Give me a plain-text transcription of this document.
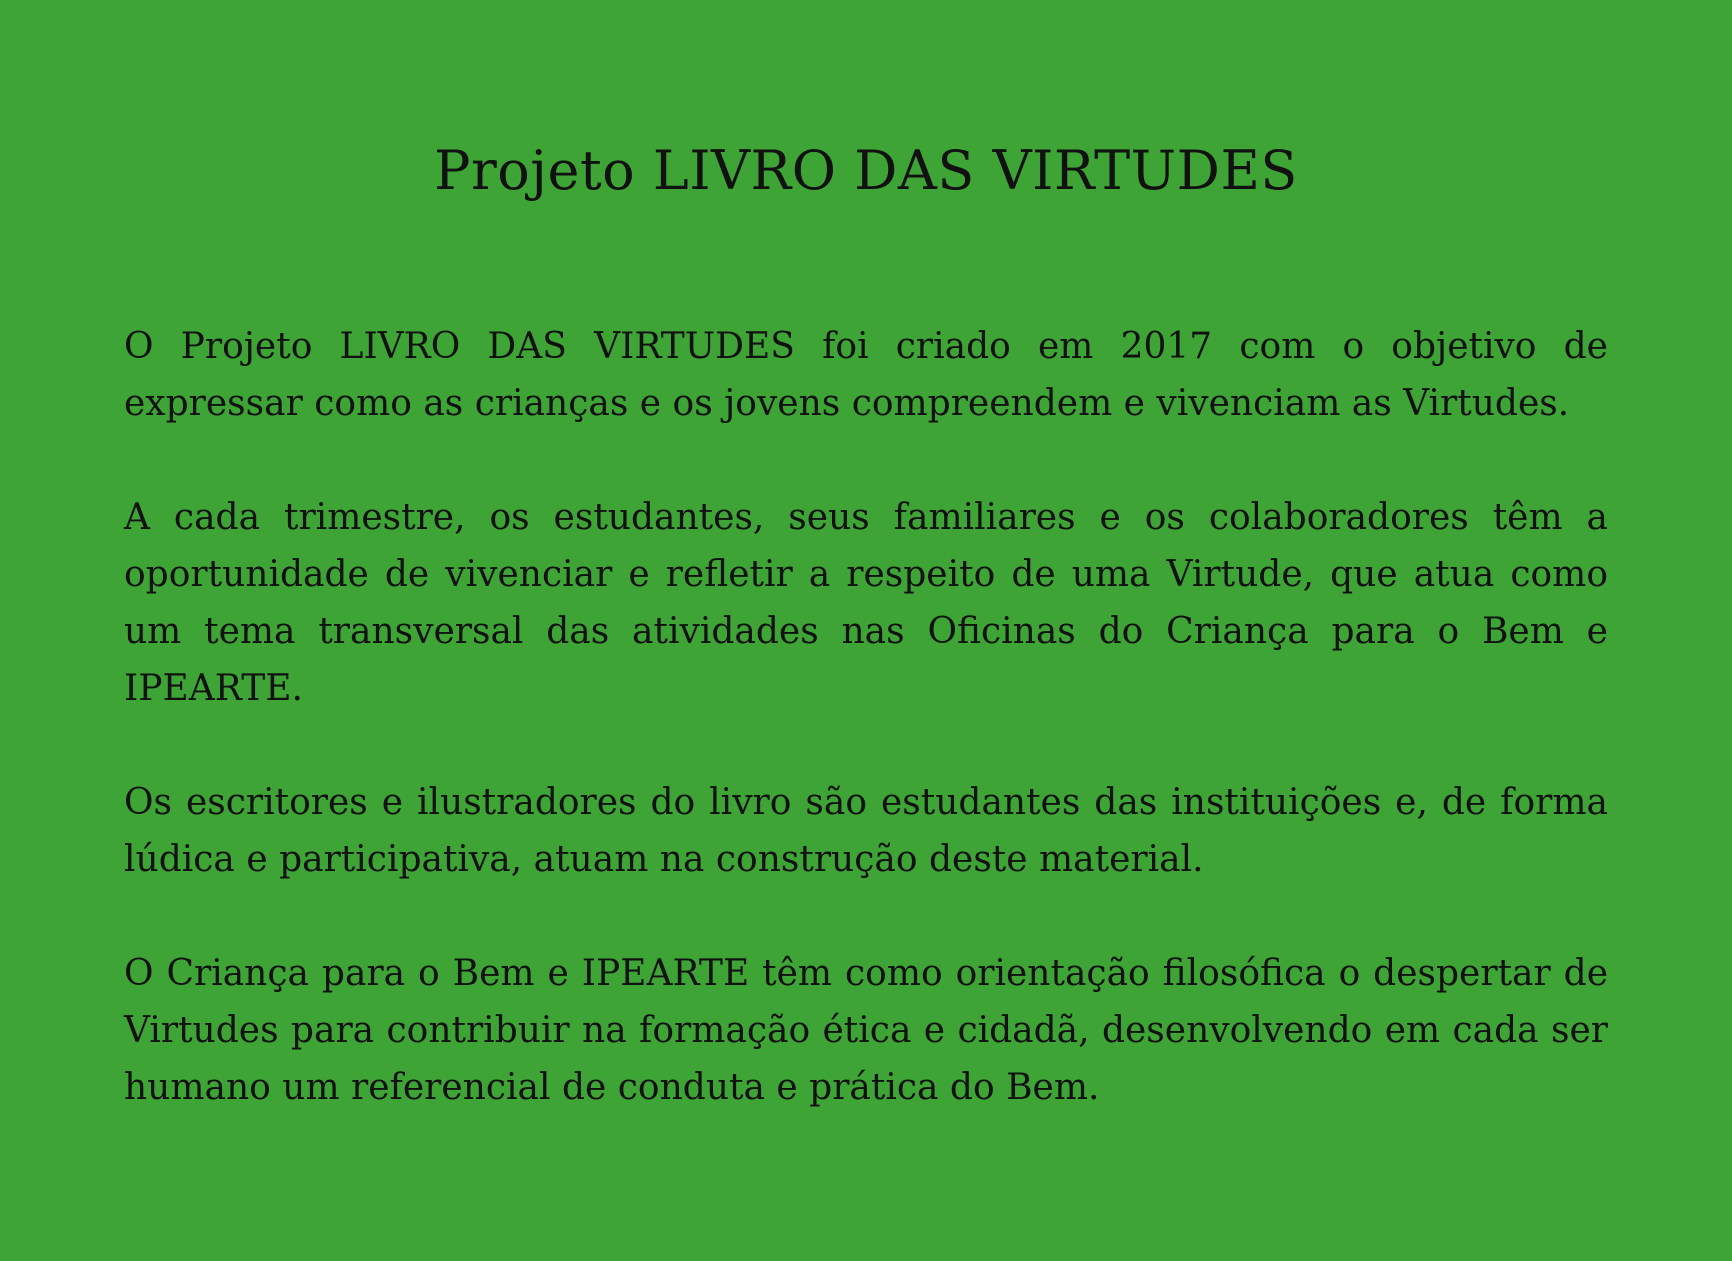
Projeto LIVRO DAS VIRTUDES

O Projeto LIVRO DAS VIRTUDES foi criado em 2017 com o objetivo de expressar como as crianças e os jovens compreendem e vivenciam as Virtudes.

A cada trimestre, os estudantes, seus familiares e os colaboradores têm a oportunidade de vivenciar e refletir a respeito de uma Virtude, que atua como um tema transversal das atividades nas Oficinas do Criança para o Bem e IPEARTE.

Os escritores e ilustradores do livro são estudantes das instituições e, de forma lúdica e participativa, atuam na construção deste material.

O Criança para o Bem e IPEARTE têm como orientação filosófica o despertar de Virtudes para contribuir na formação ética e cidadã, desenvolvendo em cada ser humano um referencial de conduta e prática do Bem.
